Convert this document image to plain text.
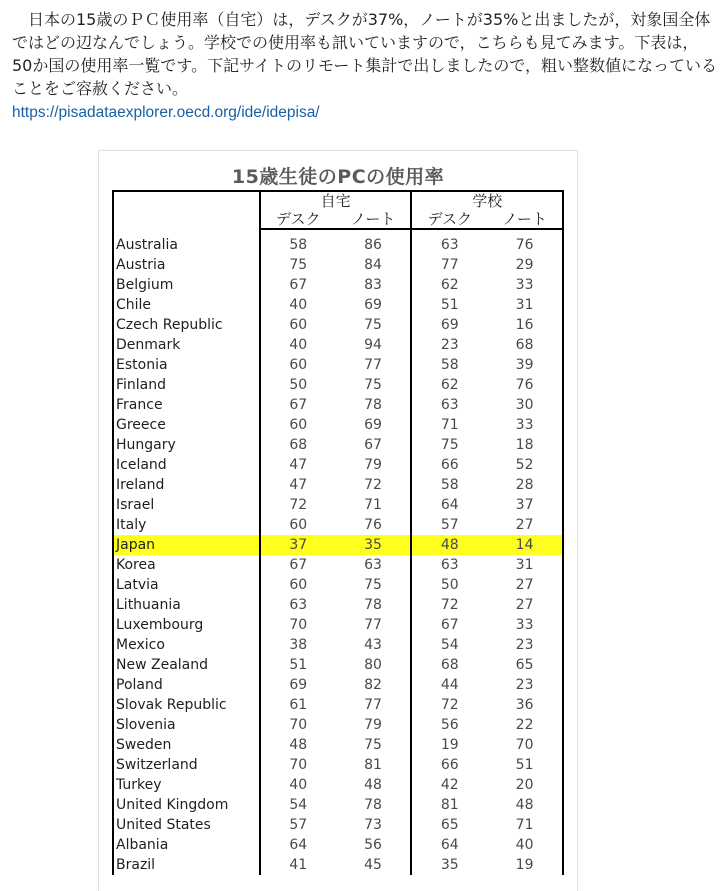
日本の15歳のＰＣ使用率（自宅）は，デスクが37%，ノートが35%と出ましたが，対象国全体ではどの辺なんでしょう。学校での使用率も訊いていますので，こちらも見てみます。下表は，50か国の使用率一覧です。下記サイトのリモート集計で出しましたので，粗い整数値になっていることをご容赦ください。
https://pisadataexplorer.oecd.org/ide/idepisa/
15歳生徒のPCの使用率
	自宅		学校	
	デスク	ノート	デスク	ノート
Australia	58	86	63	76
Austria	75	84	77	29
Belgium	67	83	62	33
Chile	40	69	51	31
Czech Republic	60	75	69	16
Denmark	40	94	23	68
Estonia	60	77	58	39
Finland	50	75	62	76
France	67	78	63	30
Greece	60	69	71	33
Hungary	68	67	75	18
Iceland	47	79	66	52
Ireland	47	72	58	28
Israel	72	71	64	37
Italy	60	76	57	27
Japan	37	35	48	14
Korea	67	63	63	31
Latvia	60	75	50	27
Lithuania	63	78	72	27
Luxembourg	70	77	67	33
Mexico	38	43	54	23
New Zealand	51	80	68	65
Poland	69	82	44	23
Slovak Republic	61	77	72	36
Slovenia	70	79	56	22
Sweden	48	75	19	70
Switzerland	70	81	66	51
Turkey	40	48	42	20
United Kingdom	54	78	81	48
United States	57	73	65	71
Albania	64	56	64	40
Brazil	41	45	35	19
